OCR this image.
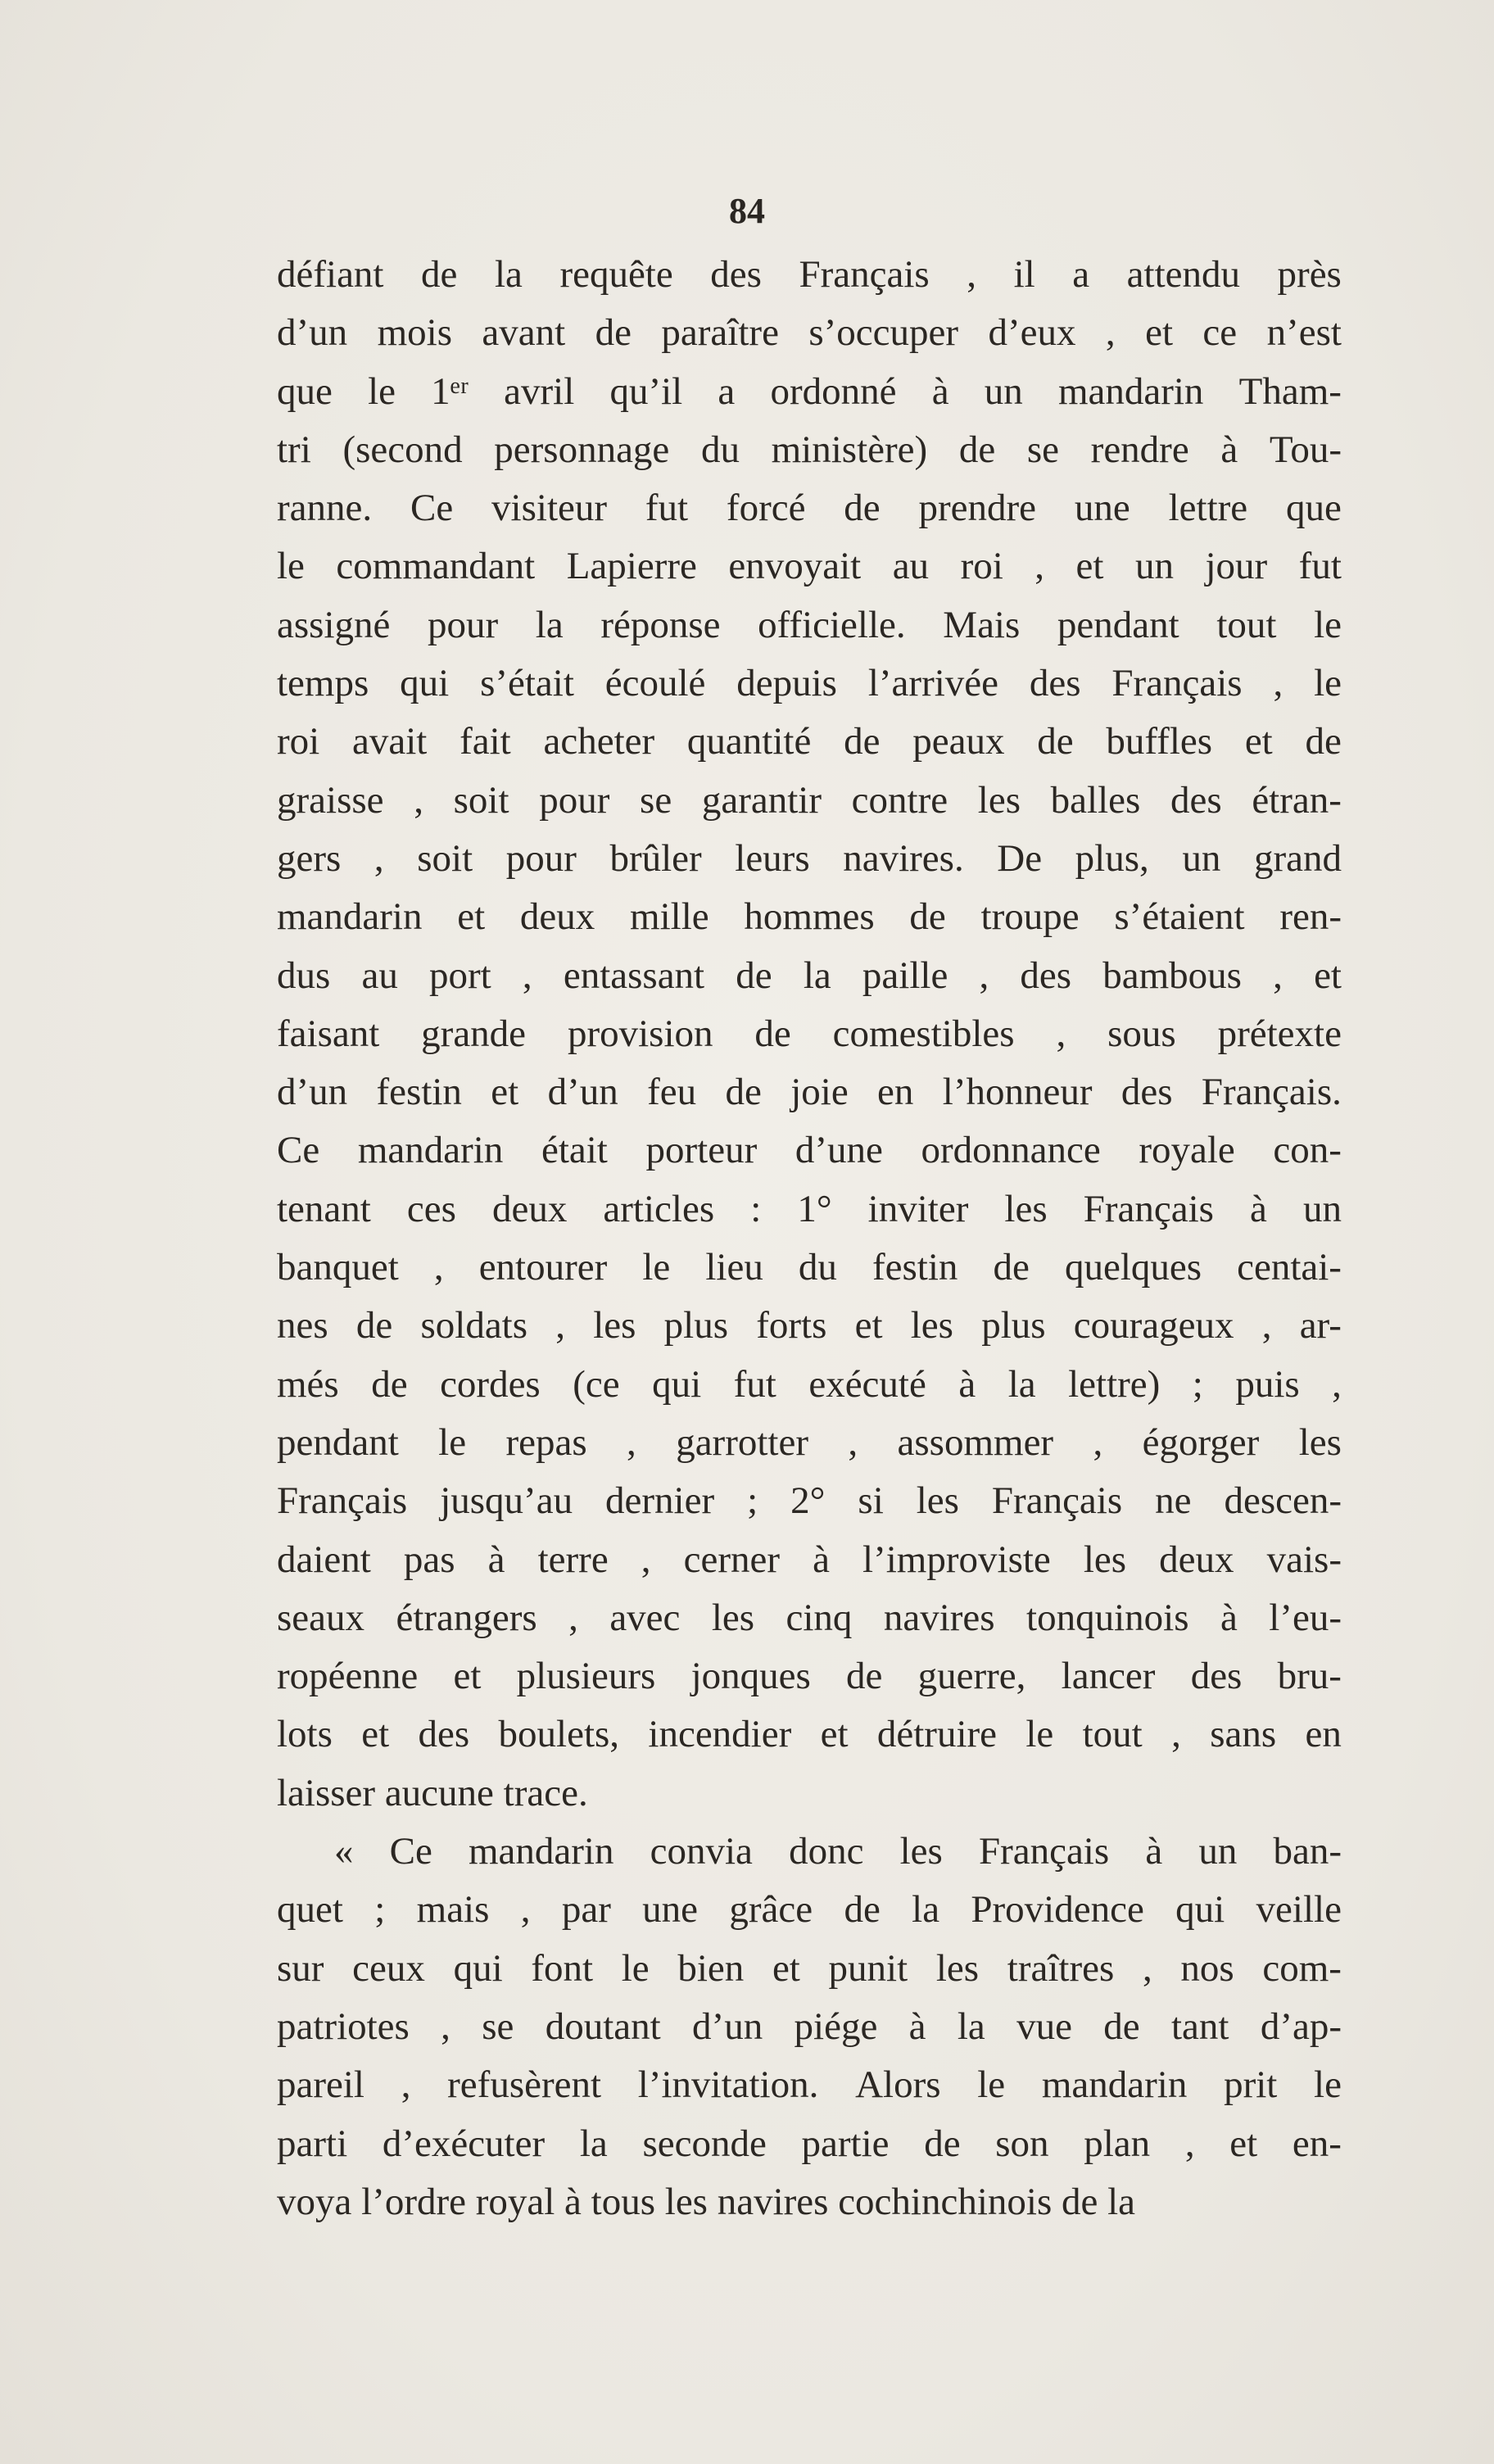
84
défiant de la requête des Français , il a attendu près
d’un mois avant de paraître s’occuper d’eux , et ce n’est
que le 1ᵉʳ avril qu’il a ordonné à un mandarin Tham-
tri (second personnage du ministère) de se rendre à Tou-
ranne. Ce visiteur fut forcé de prendre une lettre que
le commandant Lapierre envoyait au roi , et un jour fut
assigné pour la réponse officielle. Mais pendant tout le
temps qui s’était écoulé depuis l’arrivée des Français , le
roi avait fait acheter quantité de peaux de buffles et de
graisse , soit pour se garantir contre les balles des étran-
gers , soit pour brûler leurs navires. De plus, un grand
mandarin et deux mille hommes de troupe s’étaient ren-
dus au port , entassant de la paille , des bambous , et
faisant grande provision de comestibles , sous prétexte
d’un festin et d’un feu de joie en l’honneur des Français.
Ce mandarin était porteur d’une ordonnance royale con-
tenant ces deux articles : 1° inviter les Français à un
banquet , entourer le lieu du festin de quelques centai-
nes de soldats , les plus forts et les plus courageux , ar-
més de cordes (ce qui fut exécuté à la lettre) ; puis ,
pendant le repas , garrotter , assommer , égorger les
Français jusqu’au dernier ; 2° si les Français ne descen-
daient pas à terre , cerner à l’improviste les deux vais-
seaux étrangers , avec les cinq navires tonquinois à l’eu-
ropéenne et plusieurs jonques de guerre, lancer des bru-
lots et des boulets, incendier et détruire le tout , sans en
laisser aucune trace.
« Ce mandarin convia donc les Français à un ban-
quet ; mais , par une grâce de la Providence qui veille
sur ceux qui font le bien et punit les traîtres , nos com-
patriotes , se doutant d’un piége à la vue de tant d’ap-
pareil , refusèrent l’invitation. Alors le mandarin prit le
parti d’exécuter la seconde partie de son plan , et en-
voya l’ordre royal à tous les navires cochinchinois de la
